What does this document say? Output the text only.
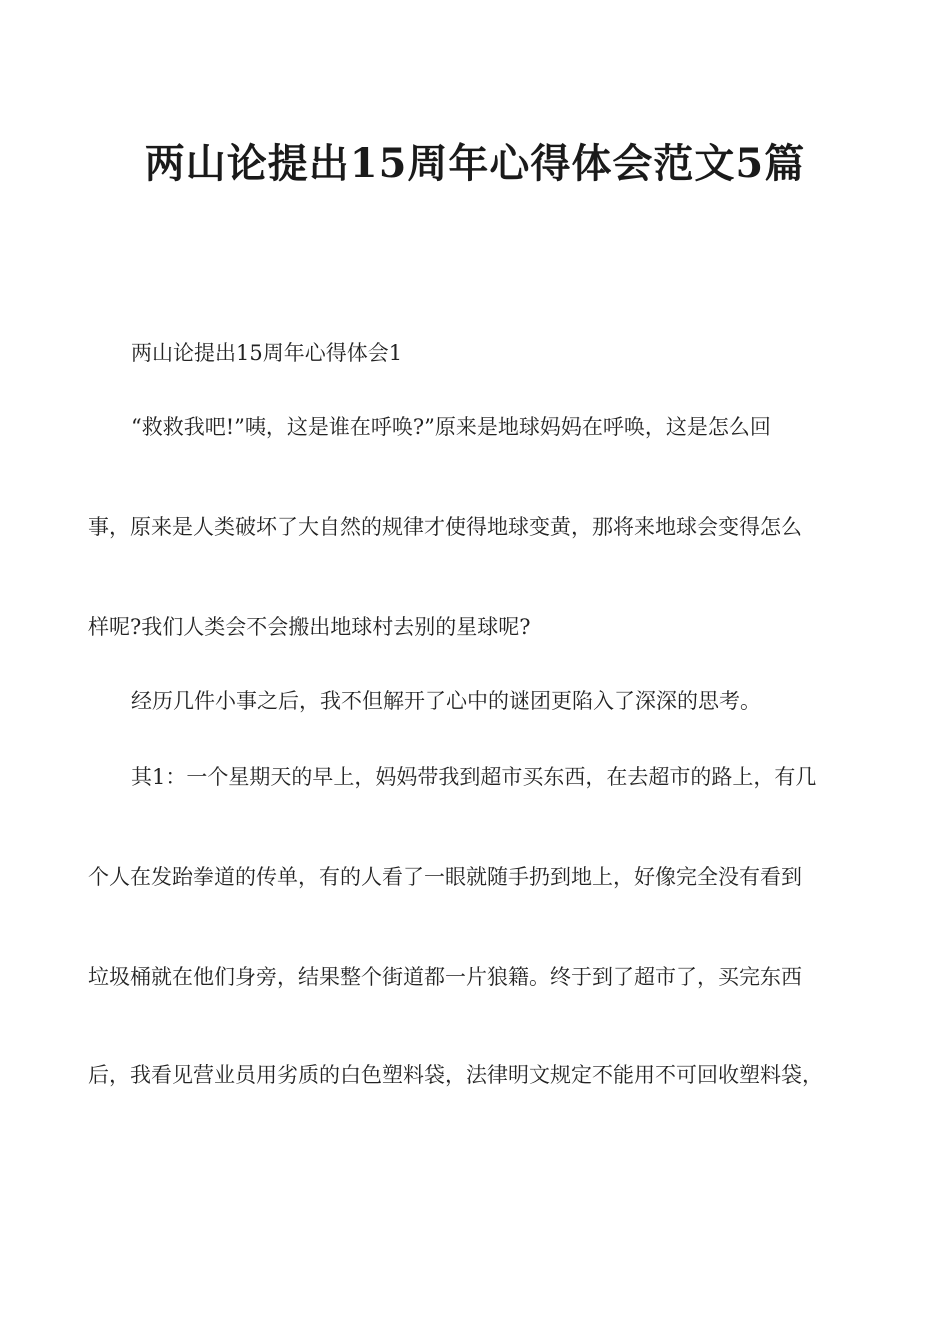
两山论提出15周年心得体会范文5篇

两山论提出15周年心得体会1

“救救我吧!”咦，这是谁在呼唤?”原来是地球妈妈在呼唤，这是怎么回

事，原来是人类破坏了大自然的规律才使得地球变黄，那将来地球会变得怎么

样呢?我们人类会不会搬出地球村去别的星球呢?

经历几件小事之后，我不但解开了心中的谜团更陷入了深深的思考。

其1：一个星期天的早上，妈妈带我到超市买东西，在去超市的路上，有几

个人在发跆拳道的传单，有的人看了一眼就随手扔到地上，好像完全没有看到

垃圾桶就在他们身旁，结果整个街道都一片狼籍。终于到了超市了，买完东西

后，我看见营业员用劣质的白色塑料袋，法律明文规定不能用不可回收塑料袋，
